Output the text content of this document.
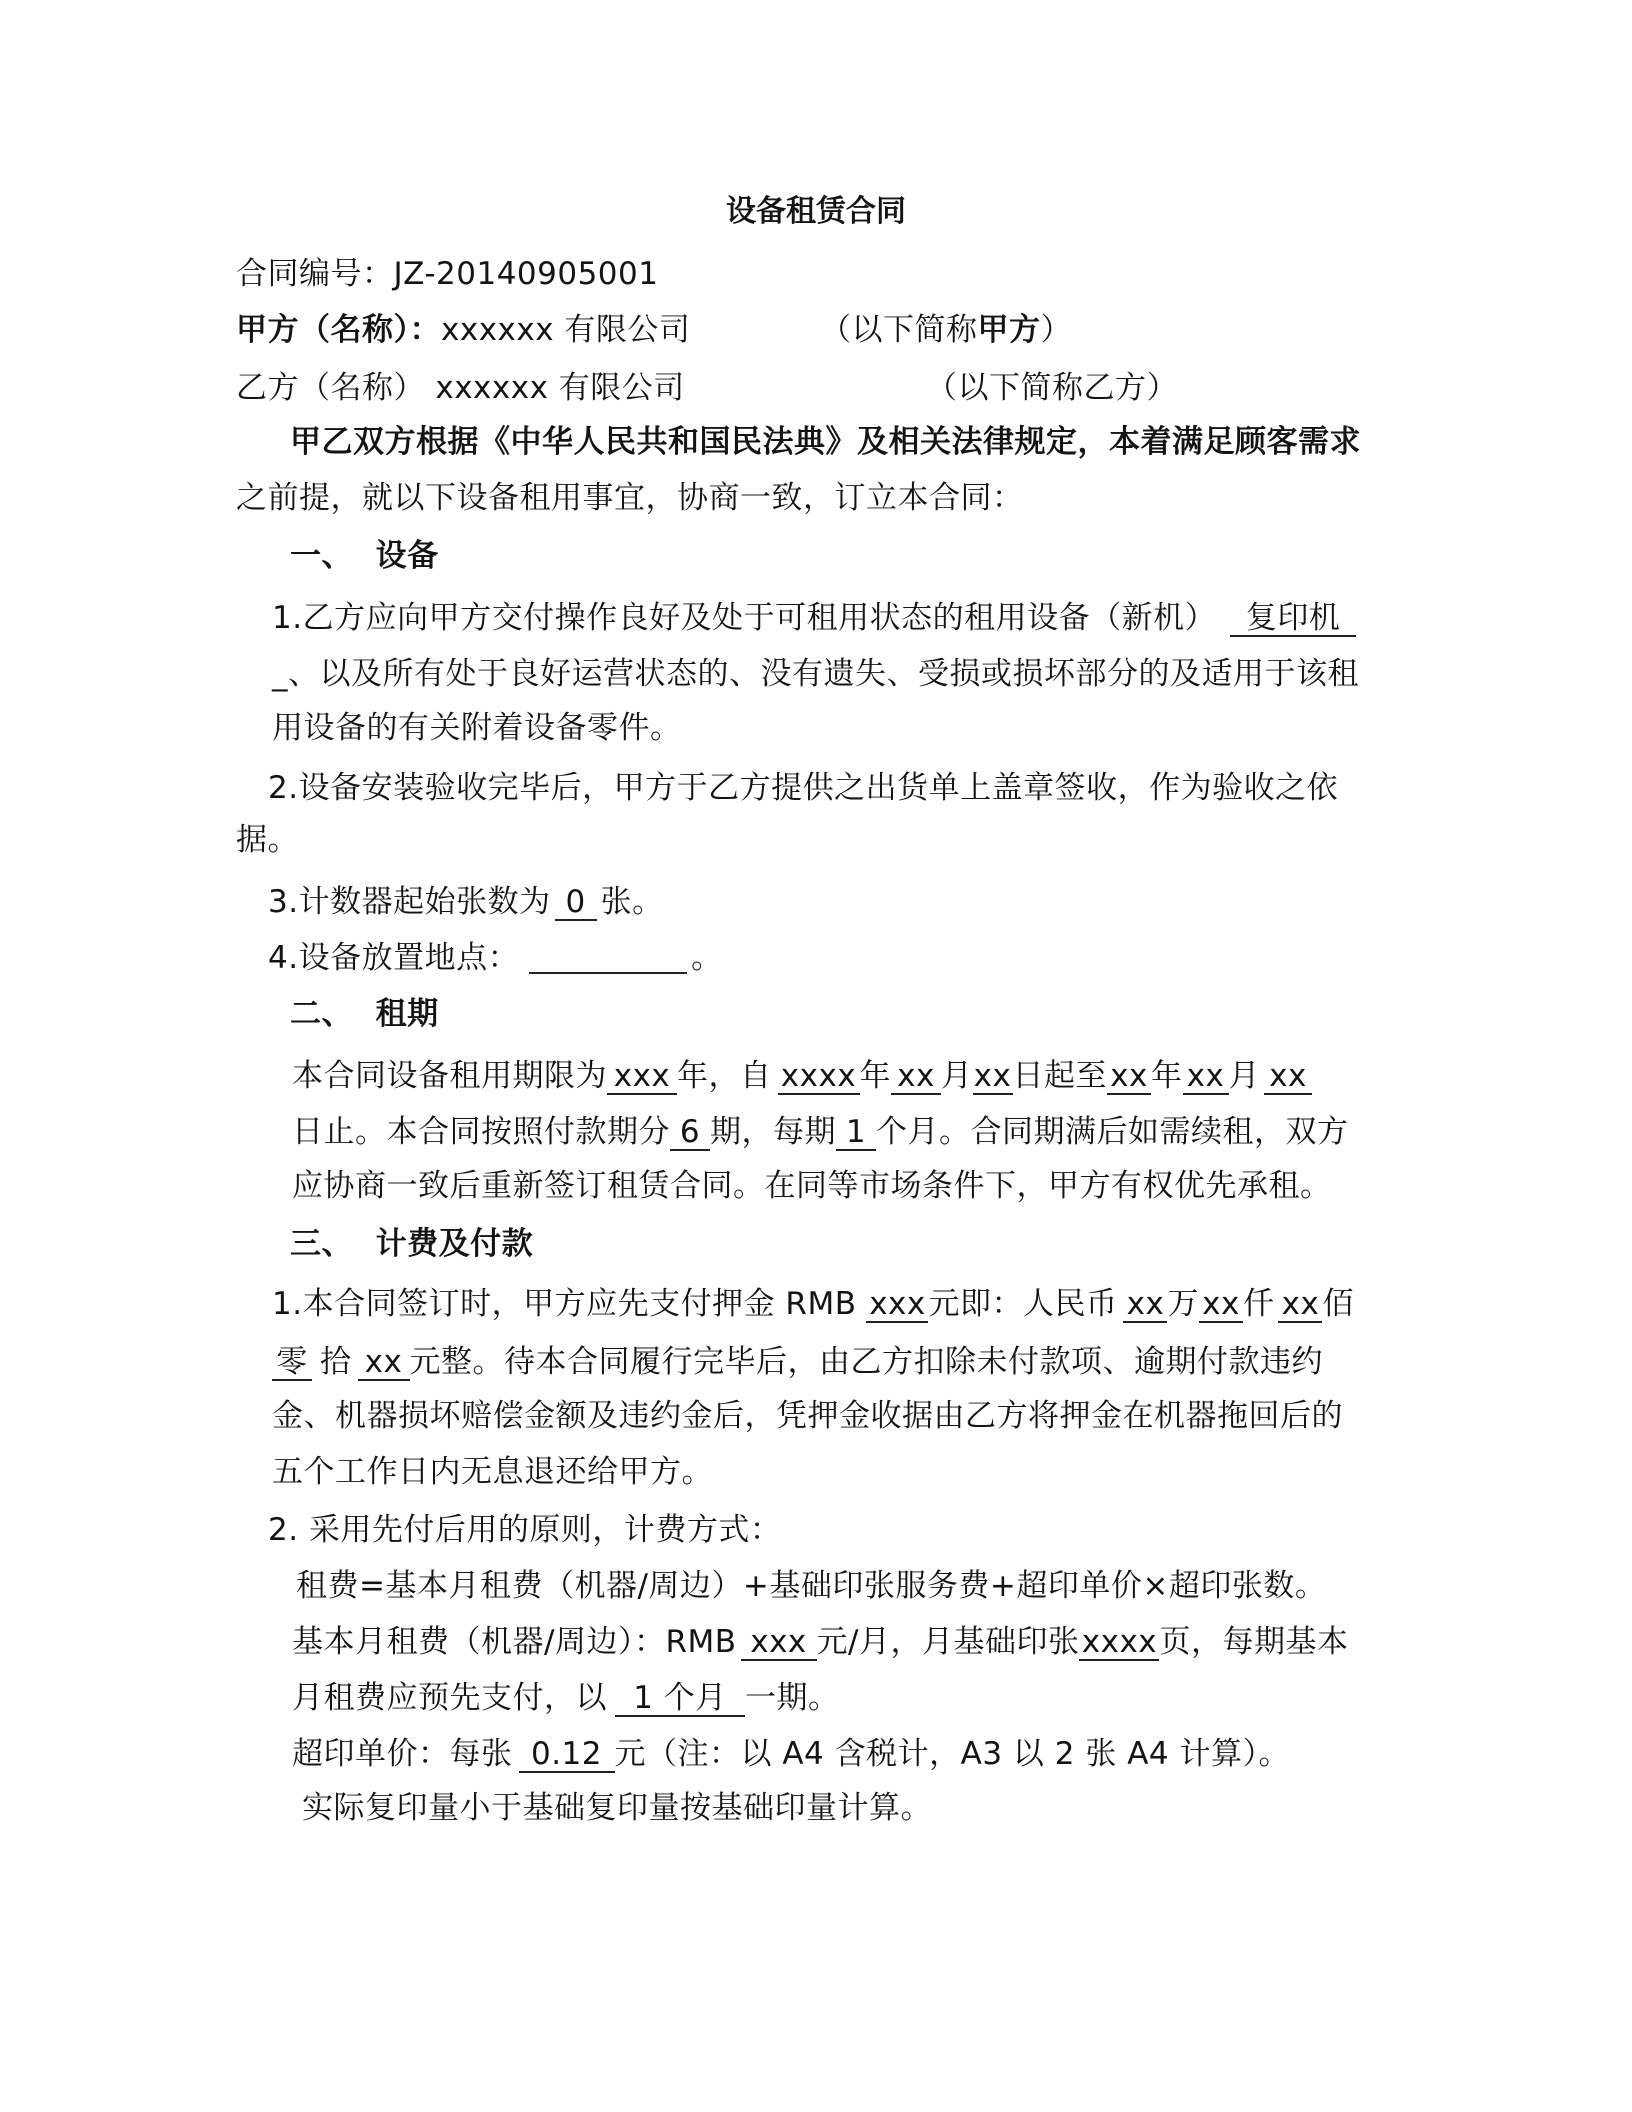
设备租赁合同
合同编号：JZ-20140905001
甲方（名称）：xxxxxx 有限公司	（以下简称甲方）
乙方（名称） xxxxxx 有限公司	（以下简称乙方）
甲乙双方根据《中华人民共和国民法典》及相关法律规定，本着满足顾客需求
之前提，就以下设备租用事宜，协商一致，订立本合同：
一、 设备
1.乙方应向甲方交付操作良好及处于可租用状态的租用设备（新机） 复印机
_、以及所有处于良好运营状态的、没有遗失、受损或损坏部分的及适用于该租
用设备的有关附着设备零件。
2.设备安装验收完毕后，甲方于乙方提供之出货单上盖章签收，作为验收之依
据。
3.计数器起始张数为 0 张。
4.设备放置地点：	。
二、 租期
本合同设备租用期限为 xxx 年，自 xxxx 年 xx 月xx日起至 xx 年 xx 月 xx
日止。本合同按照付款期分 6 期，每期 1 个月。合同期满后如需续租，双方
应协商一致后重新签订租赁合同。在同等市场条件下，甲方有权优先承租。
三、 计费及付款
1.本合同签订时，甲方应先支付押金 RMB xxx元即：人民币 xx 万 xx 仟 xx 佰
零 拾 xx 元整。待本合同履行完毕后，由乙方扣除未付款项、逾期付款违约
金、机器损坏赔偿金额及违约金后，凭押金收据由乙方将押金在机器拖回后的
五个工作日内无息退还给甲方。
2. 采用先付后用的原则，计费方式：
租费=基本月租费（机器/周边）+基础印张服务费+超印单价×超印张数。
基本月租费（机器/周边）：RMB xxx 元/月，月基础印张xxxx页，每期基本
月租费应预先支付，以 1 个月 一期。
超印单价：每张 0.12 元（注：以 A4 含税计，A3 以 2 张 A4 计算）。
实际复印量小于基础复印量按基础印量计算。
